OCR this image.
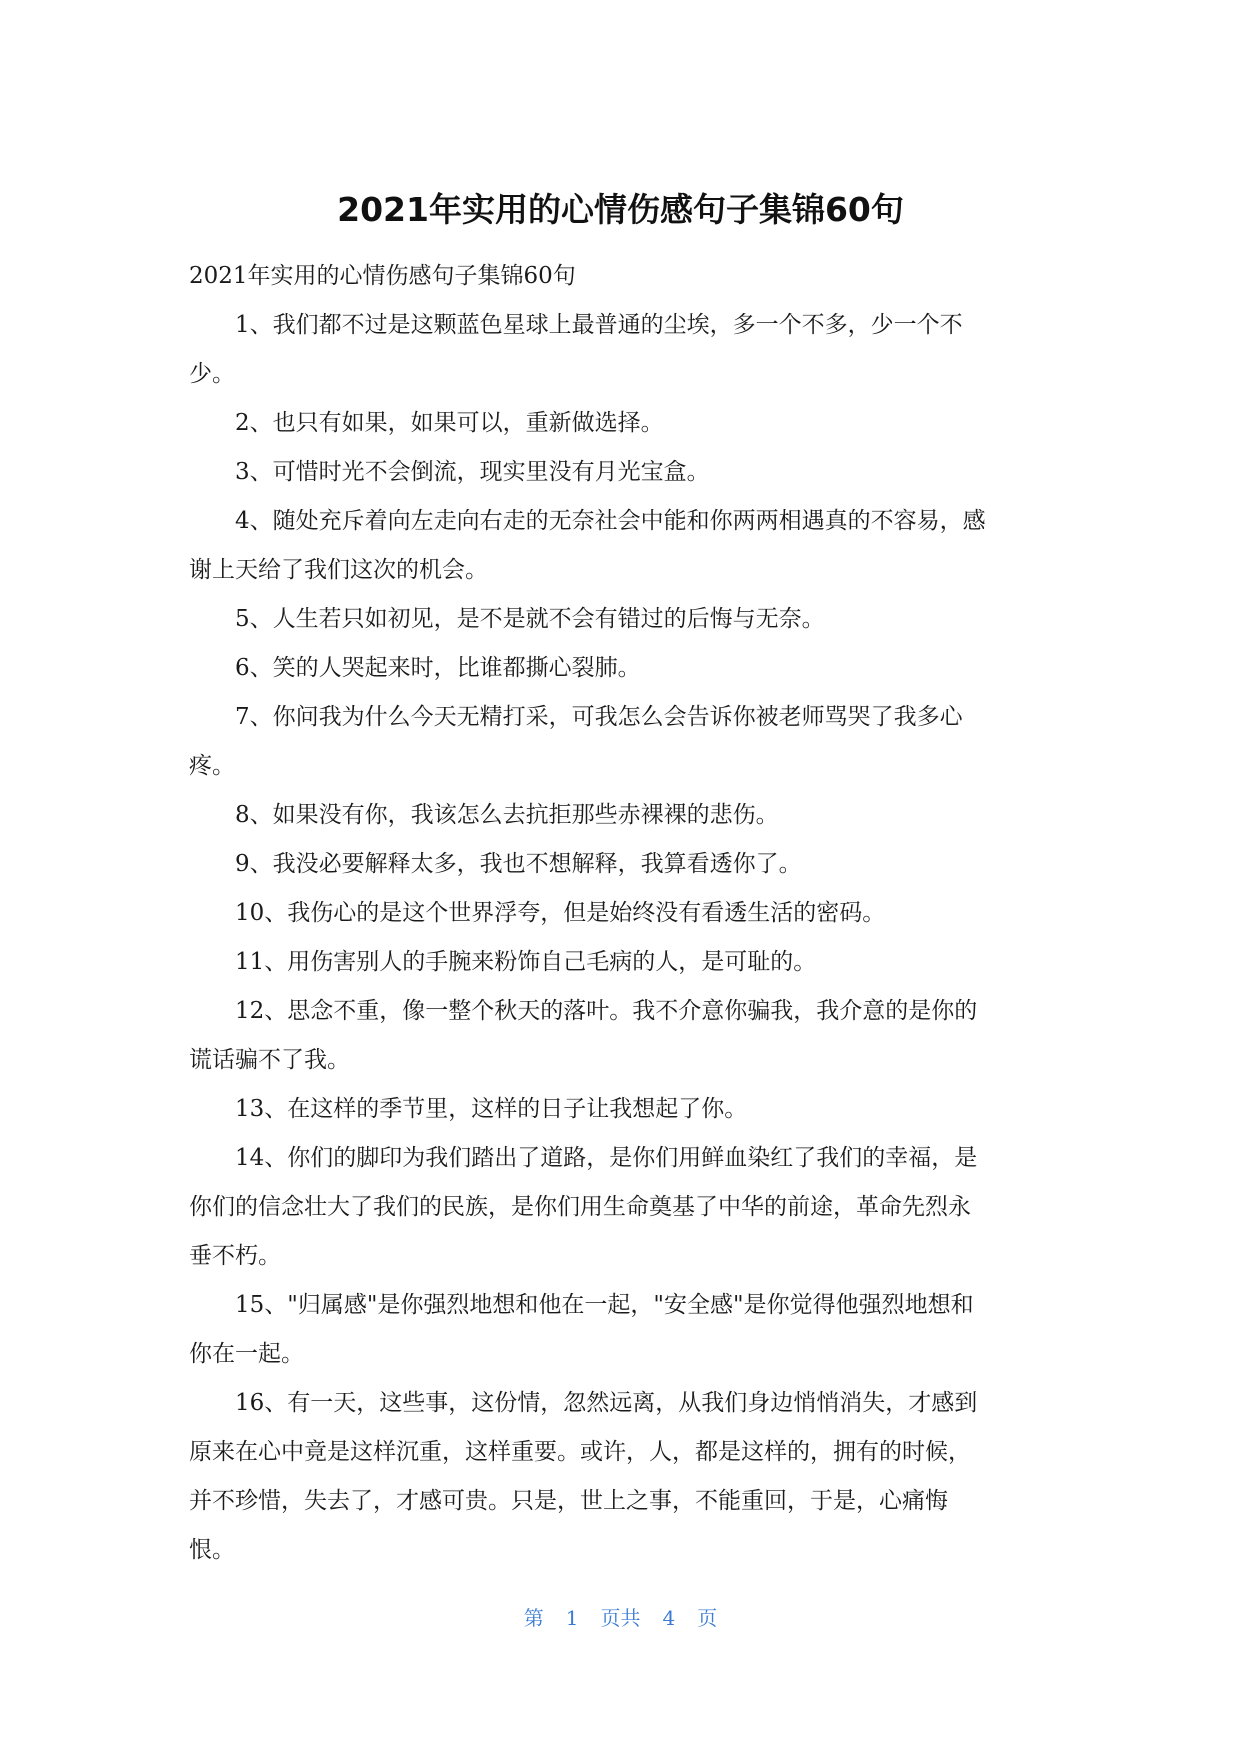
2021年实用的心情伤感句子集锦60句

2021年实用的心情伤感句子集锦60句

1、我们都不过是这颗蓝色星球上最普通的尘埃，多一个不多，少一个不
少。

2、也只有如果，如果可以，重新做选择。

3、可惜时光不会倒流，现实里没有月光宝盒。

4、随处充斥着向左走向右走的无奈社会中能和你两两相遇真的不容易，感
谢上天给了我们这次的机会。

5、人生若只如初见，是不是就不会有错过的后悔与无奈。

6、笑的人哭起来时，比谁都撕心裂肺。

7、你问我为什么今天无精打采，可我怎么会告诉你被老师骂哭了我多心
疼。

8、如果没有你，我该怎么去抗拒那些赤裸裸的悲伤。

9、我没必要解释太多，我也不想解释，我算看透你了。

10、我伤心的是这个世界浮夸，但是始终没有看透生活的密码。

11、用伤害别人的手腕来粉饰自己毛病的人，是可耻的。

12、思念不重，像一整个秋天的落叶。我不介意你骗我，我介意的是你的
谎话骗不了我。

13、在这样的季节里，这样的日子让我想起了你。

14、你们的脚印为我们踏出了道路，是你们用鲜血染红了我们的幸福，是
你们的信念壮大了我们的民族，是你们用生命奠基了中华的前途，革命先烈永
垂不朽。

15、"归属感"是你强烈地想和他在一起，"安全感"是你觉得他强烈地想和
你在一起。

16、有一天，这些事，这份情，忽然远离，从我们身边悄悄消失，才感到
原来在心中竟是这样沉重，这样重要。或许，人，都是这样的，拥有的时候，
并不珍惜，失去了，才感可贵。只是，世上之事，不能重回，于是，心痛悔
恨。

第 1 页共 4 页
